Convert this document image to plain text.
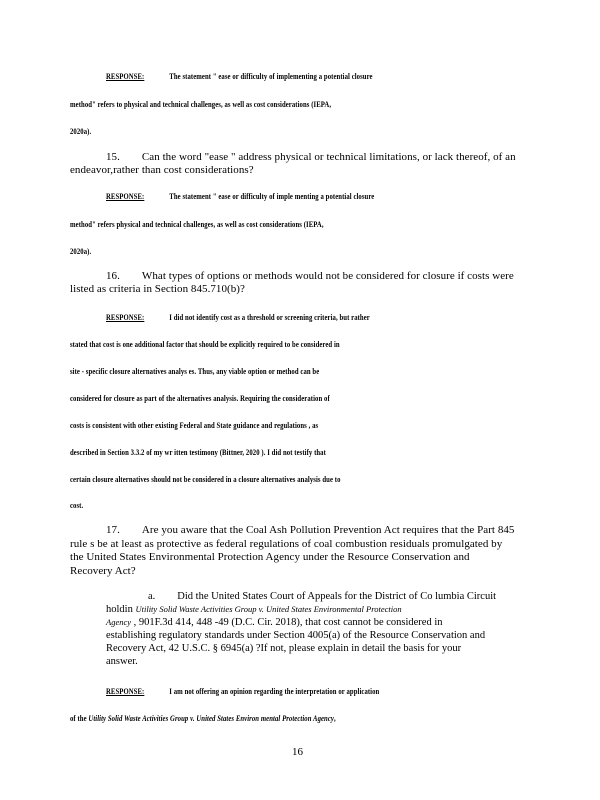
RESPONSE:	The statement " ease or difficulty of implementing a potential closure
method" refers to physical and technical challenges, as well as cost considerations (IEPA,
2020a).
15. Can the word "ease " address physical or technical limitations, or lack thereof, of an
endeavor,rather than cost considerations?
RESPONSE:	The statement " ease or difficulty of imple menting a potential closure
method" refers physical and technical challenges, as well as cost considerations (IEPA,
2020a).
16. What types of options or methods would not be considered for closure if costs were
listed as criteria in Section 845.710(b)?
RESPONSE:	I did not identify cost as a threshold or screening criteria, but rather
stated that cost is one additional factor that should be explicitly required to be considered in
site - specific closure alternatives analys es. Thus, any viable option or method can be
considered for closure as part of the alternatives analysis. Requiring the consideration of
costs is consistent with other existing Federal and State guidance and regulations , as
described in Section 3.3.2 of my wr itten testimony (Bittner, 2020 ). I did not testify that
certain closure alternatives should not be considered in a closure alternatives analysis due to
cost.
17. Are you aware that the Coal Ash Pollution Prevention Act requires that the Part 845
rule s be at least as protective as federal regulations of coal combustion residuals promulgated by
the United States Environmental Protection Agency under the Resource Conservation and
Recovery Act?
a. Did the United States Court of Appeals for the District of Co lumbia Circuit
holdin Utility Solid Waste Activities Group v. United States Environmental Protection
Agency , 901F.3d 414, 448 -49 (D.C. Cir. 2018), that cost cannot be considered in
establishing regulatory standards under Section 4005(a) of the Resource Conservation and
Recovery Act, 42 U.S.C. § 6945(a) ?If not, please explain in detail the basis for your
answer.
RESPONSE:	I am not offering an opinion regarding the interpretation or application
of the Utility Solid Waste Activities Group v. United States Environ mental Protection Agency,
16
